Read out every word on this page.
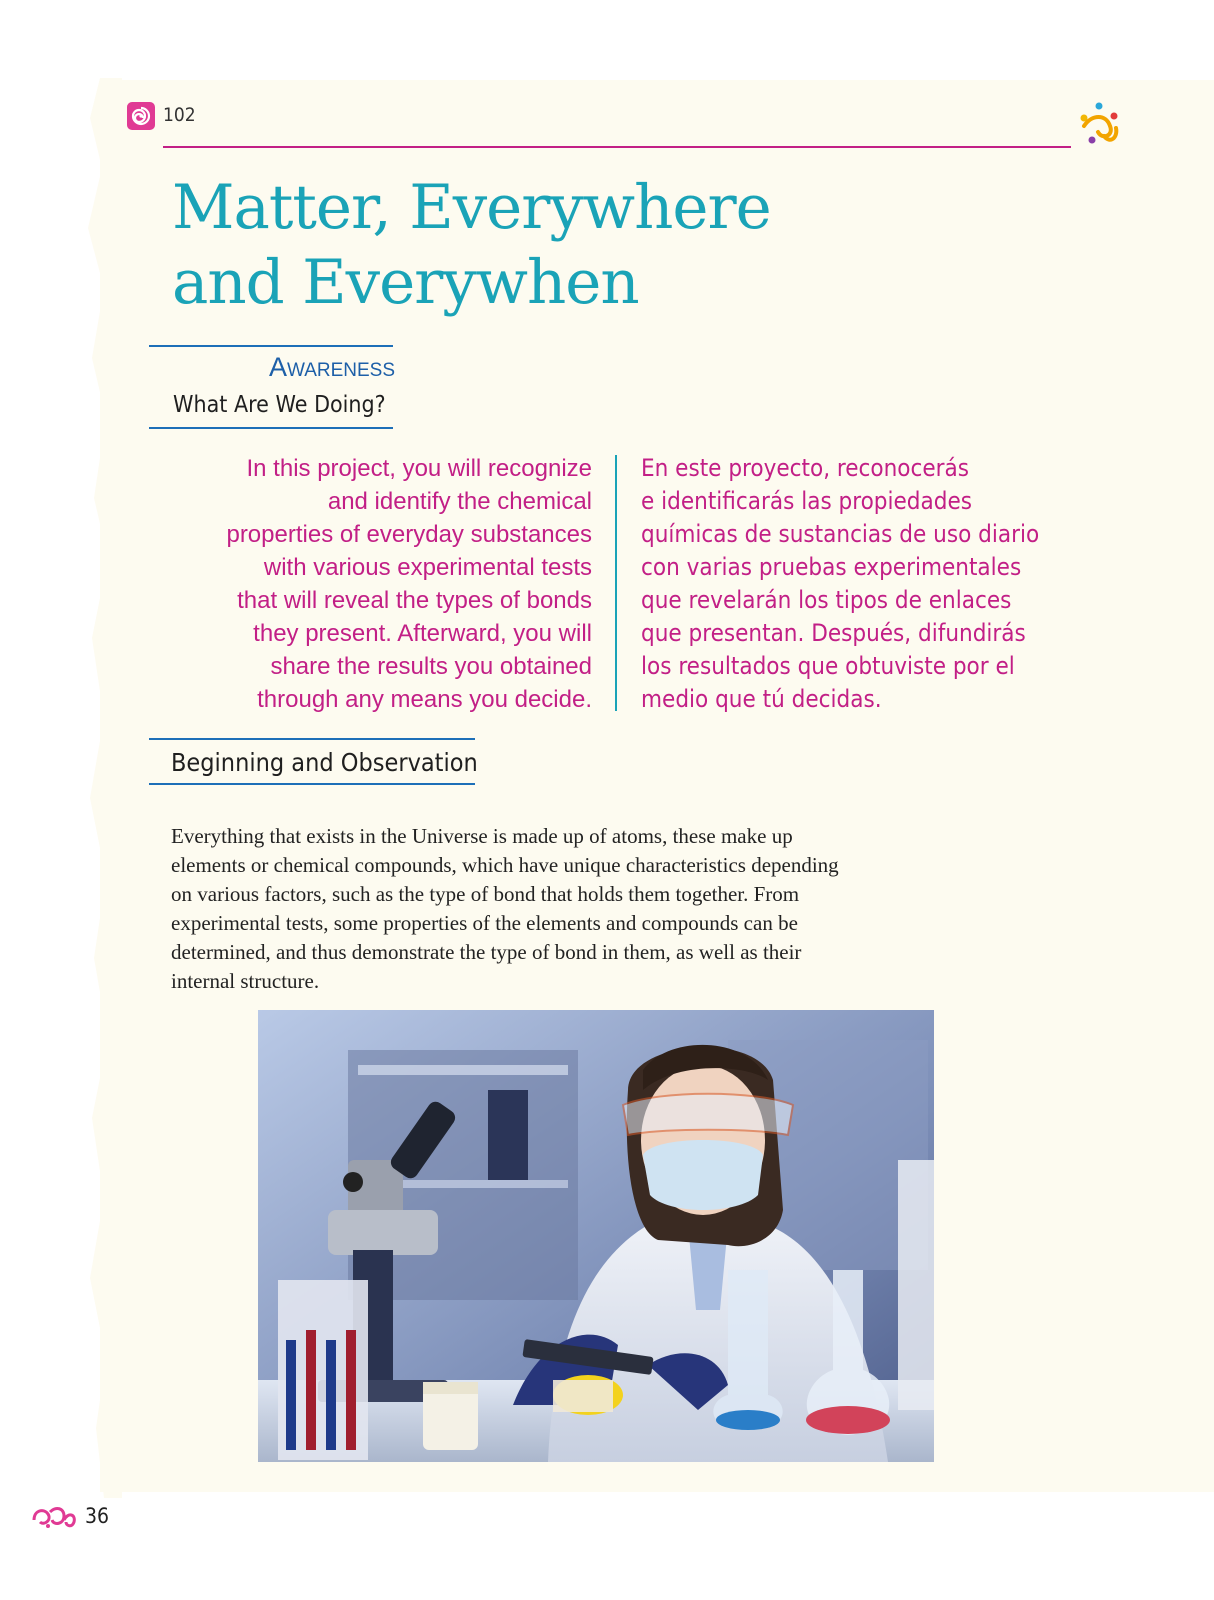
102
Matter, Everywhere
and Everywhen
Awareness
What Are We Doing?
In this project, you will recognize
and identify the chemical
properties of everyday substances
with various experimental tests
that will reveal the types of bonds
they present. Afterward, you will
share the results you obtained
through any means you decide.
En este proyecto, reconocerás
e identificarás las propiedades
químicas de sustancias de uso diario
con varias pruebas experimentales
que revelarán los tipos de enlaces
que presentan. Después, difundirás
los resultados que obtuviste por el
medio que tú decidas.
Beginning and Observation

Everything that exists in the Universe is made up of atoms, these make up elements or chemical compounds, which have unique characteristics depending on various factors, such as the type of bond that holds them together. From experimental tests, some properties of the elements and compounds can be determined, and thus demonstrate the type of bond in them, as well as their internal structure.

36
